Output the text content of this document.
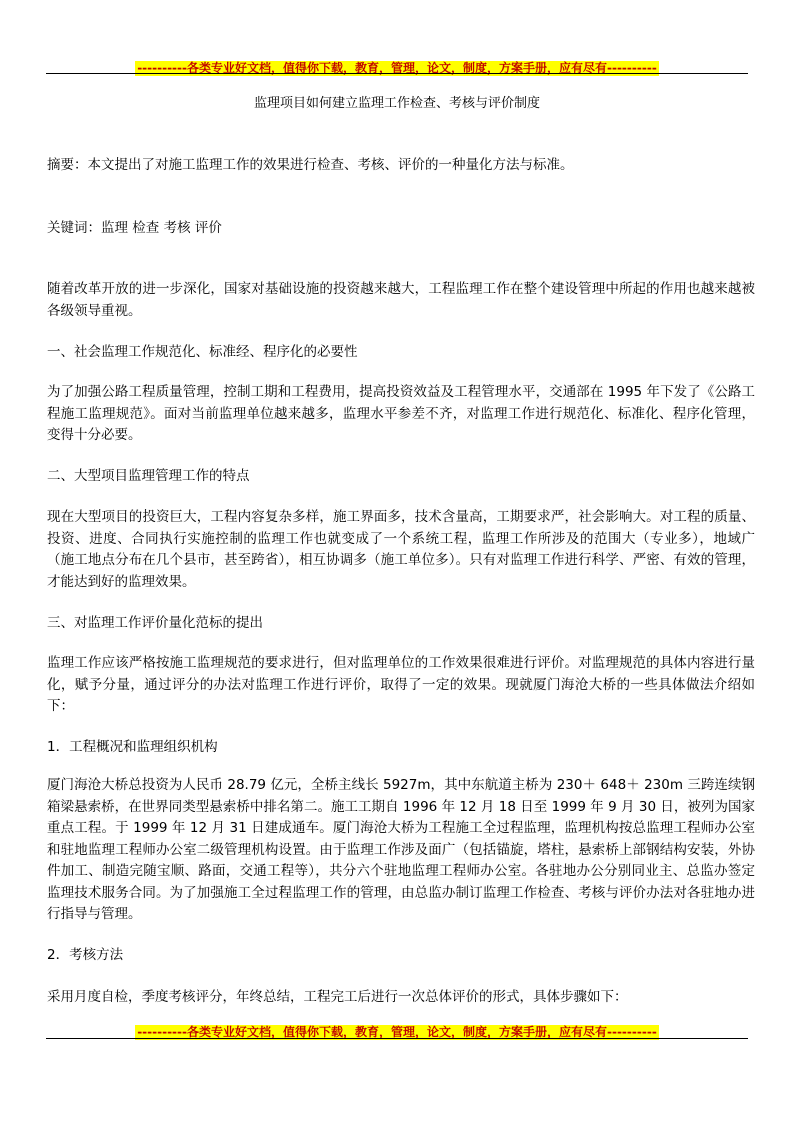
----------各类专业好文档，值得你下载，教育，管理，论文，制度，方案手册，应有尽有----------
监理项目如何建立监理工作检查、考核与评价制度

摘要：本文提出了对施工监理工作的效果进行检查、考核、评价的一种量化方法与标准。

关键词：监理 检查 考核 评价

随着改革开放的进一步深化，国家对基础设施的投资越来越大，工程监理工作在整个建设管理中所起的作用也越来越被各级领导重视。

一、社会监理工作规范化、标准经、程序化的必要性

为了加强公路工程质量管理，控制工期和工程费用，提高投资效益及工程管理水平，交通部在 1995 年下发了《公路工程施工监理规范》。面对当前监理单位越来越多，监理水平参差不齐，对监理工作进行规范化、标准化、程序化管理，变得十分必要。

二、大型项目监理管理工作的特点

现在大型项目的投资巨大，工程内容复杂多样，施工界面多，技术含量高，工期要求严，社会影响大。对工程的质量、投资、进度、合同执行实施控制的监理工作也就变成了一个系统工程，监理工作所涉及的范围大（专业多），地域广（施工地点分布在几个县市，甚至跨省），相互协调多（施工单位多）。只有对监理工作进行科学、严密、有效的管理，才能达到好的监理效果。

三、对监理工作评价量化范标的提出

监理工作应该严格按施工监理规范的要求进行，但对监理单位的工作效果很难进行评价。对监理规范的具体内容进行量化，赋予分量，通过评分的办法对监理工作进行评价，取得了一定的效果。现就厦门海沧大桥的一些具体做法介绍如下：

1．工程概况和监理组织机构

厦门海沧大桥总投资为人民币 28.79 亿元，全桥主线长 5927m，其中东航道主桥为 230＋ 648＋ 230m 三跨连续钢箱梁悬索桥，在世界同类型悬索桥中排名第二。施工工期自 1996 年 12 月 18 日至 1999 年 9 月 30 日，被列为国家重点工程。于 1999 年 12 月 31 日建成通车。厦门海沧大桥为工程施工全过程监理，监理机构按总监理工程师办公室和驻地监理工程师办公室二级管理机构设置。由于监理工作涉及面广（包括锚旋，塔柱，悬索桥上部钢结构安装，外协件加工、制造完随宝顺、路面，交通工程等），共分六个驻地监理工程师办公室。各驻地办公分别同业主、总监办签定监理技术服务合同。为了加强施工全过程监理工作的管理，由总监办制订监理工作检查、考核与评价办法对各驻地办进行指导与管理。

2．考核方法

采用月度自检，季度考核评分，年终总结，工程完工后进行一次总体评价的形式，具体步骤如下：

----------各类专业好文档，值得你下载，教育，管理，论文，制度，方案手册，应有尽有----------
